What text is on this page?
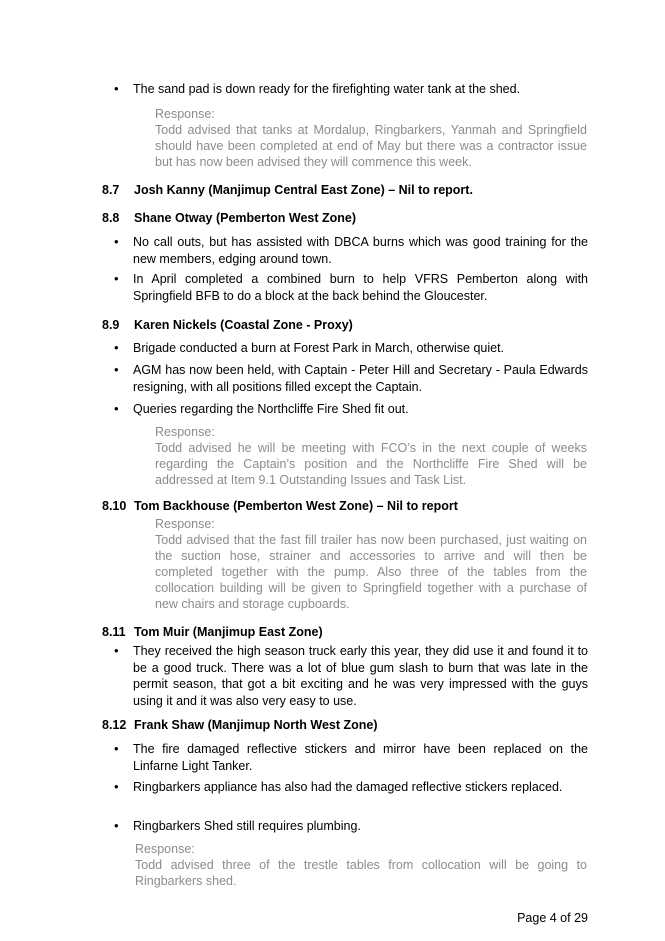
• The sand pad is down ready for the firefighting water tank at the shed.
Response:
Todd advised that tanks at Mordalup, Ringbarkers, Yanmah and Springfield should have been completed at end of May but there was a contractor issue but has now been advised they will commence this week.
8.7 Josh Kanny (Manjimup Central East Zone) – Nil to report.
8.8 Shane Otway (Pemberton West Zone)
• No call outs, but has assisted with DBCA burns which was good training for the new members, edging around town.
• In April completed a combined burn to help VFRS Pemberton along with Springfield BFB to do a block at the back behind the Gloucester.
8.9 Karen Nickels (Coastal Zone - Proxy)
• Brigade conducted a burn at Forest Park in March, otherwise quiet.
• AGM has now been held, with Captain - Peter Hill and Secretary - Paula Edwards resigning, with all positions filled except the Captain.
• Queries regarding the Northcliffe Fire Shed fit out.
Response:
Todd advised he will be meeting with FCO’s in the next couple of weeks regarding the Captain’s position and the Northcliffe Fire Shed will be addressed at Item 9.1 Outstanding Issues and Task List.
8.10 Tom Backhouse (Pemberton West Zone) – Nil to report
Response:
Todd advised that the fast fill trailer has now been purchased, just waiting on the suction hose, strainer and accessories to arrive and will then be completed together with the pump. Also three of the tables from the collocation building will be given to Springfield together with a purchase of new chairs and storage cupboards.
8.11 Tom Muir (Manjimup East Zone)
• They received the high season truck early this year, they did use it and found it to be a good truck. There was a lot of blue gum slash to burn that was late in the permit season, that got a bit exciting and he was very impressed with the guys using it and it was also very easy to use.
8.12 Frank Shaw (Manjimup North West Zone)
• The fire damaged reflective stickers and mirror have been replaced on the Linfarne Light Tanker.
• Ringbarkers appliance has also had the damaged reflective stickers replaced.
• Ringbarkers Shed still requires plumbing.
Response:
Todd advised three of the trestle tables from collocation will be going to Ringbarkers shed.
Page 4 of 29
